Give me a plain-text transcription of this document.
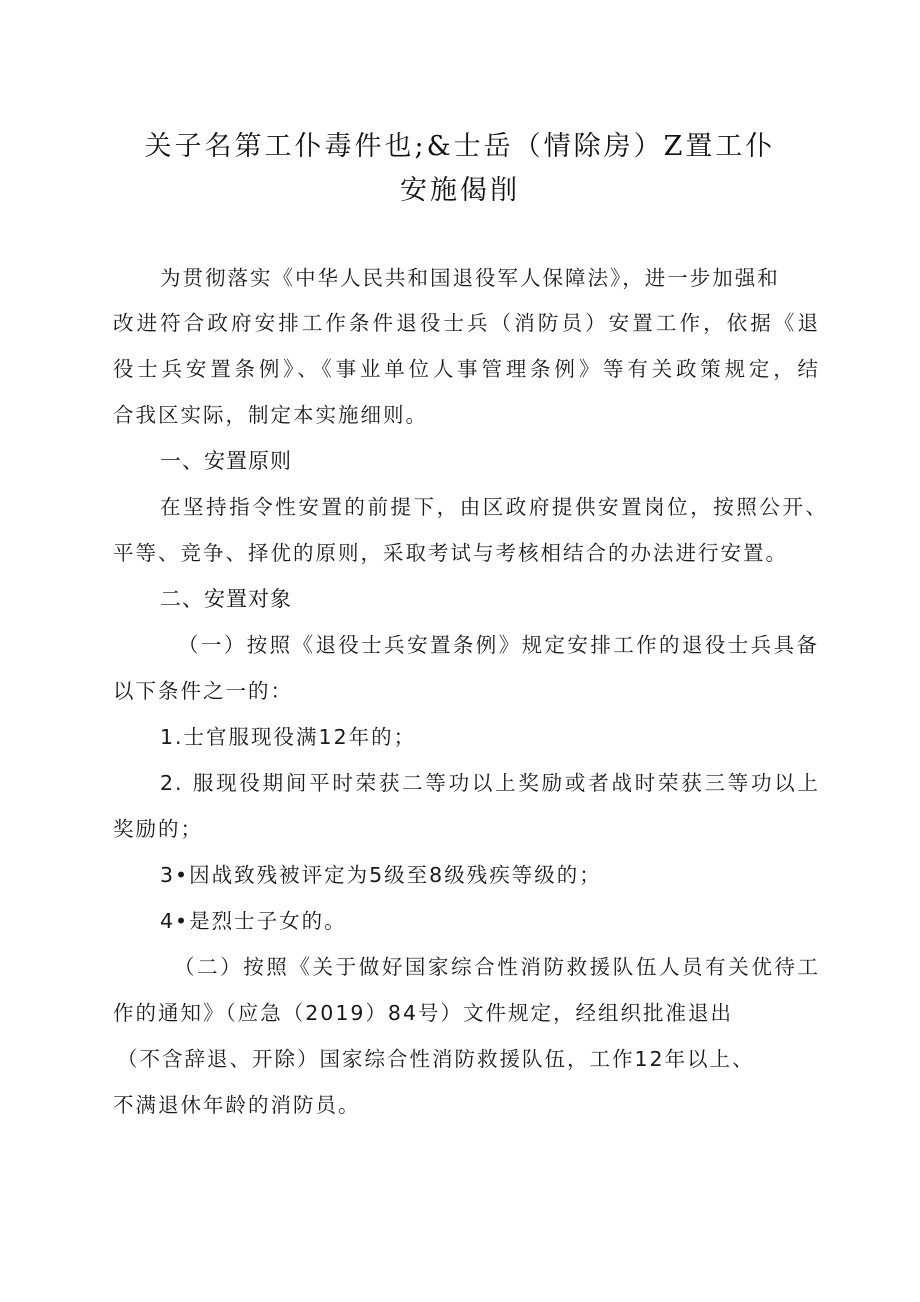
关子名第工仆毒件也;&士岳（情除房）Z置工仆
安施偈削
为贯彻落实《中华人民共和国退役军人保障法》，进一步加强和
改进符合政府安排工作条件退役士兵（消防员）安置工作，依据《退
役士兵安置条例》、《事业单位人事管理条例》等有关政策规定，结
合我区实际，制定本实施细则。
一、安置原则
在坚持指令性安置的前提下，由区政府提供安置岗位，按照公开、
平等、竞争、择优的原则，采取考试与考核相结合的办法进行安置。
二、安置对象
（一）按照《退役士兵安置条例》规定安排工作的退役士兵具备
以下条件之一的：
1.士官服现役满12年的；
2. 服现役期间平时荣获二等功以上奖励或者战时荣获三等功以上
奖励的；
3•因战致残被评定为5级至8级残疾等级的；
4•是烈士子女的。
（二）按照《关于做好国家综合性消防救援队伍人员有关优待工
作的通知》（应急（2019）84号）文件规定，经组织批准退出
（不含辞退、开除）国家综合性消防救援队伍，工作12年以上、
不满退休年龄的消防员。
